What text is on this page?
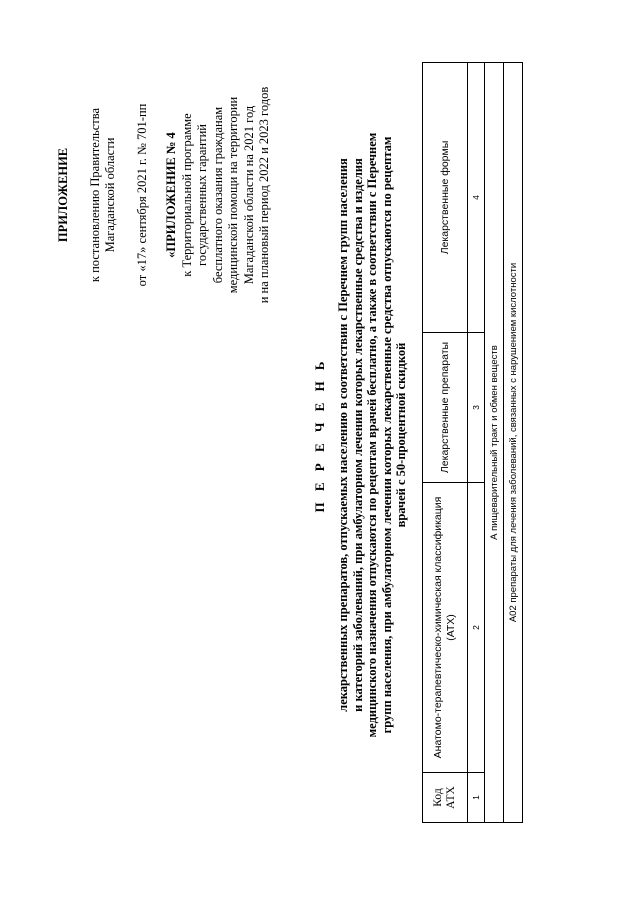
ПРИЛОЖЕНИЕ к постановлению Правительства Магаданской области от «17» сентября 2021 г. № 701-пп «ПРИЛОЖЕНИЕ № 4 к Территориальной программе государственных гарантий бесплатного оказания гражданам медицинской помощи на территории Магаданской области на 2021 год и на плановый период 2022 и 2023 годов
П Е Р Е Ч Е Н Ь лекарственных препаратов, отпускаемых населению в соответствии с Перечнем групп населения и категорий заболеваний, при амбулаторном лечении которых лекарственные средства и изделия медицинского назначения отпускаются по рецептам врачей бесплатно, а также в соответствии с Перечнем групп населения, при амбулаторном лечении которых лекарственные средства отпускаются по рецептам врачей с 50-процентной скидкой
Код АТХ	Анатомо-терапевтическо-химическая классификация (АТХ)	Лекарственные препараты	Лекарственные формы
1	2	3	4
А пищеварительный тракт и обмен веществ			
А02 препараты для лечения заболеваний, связанных с нарушением кислотности			
